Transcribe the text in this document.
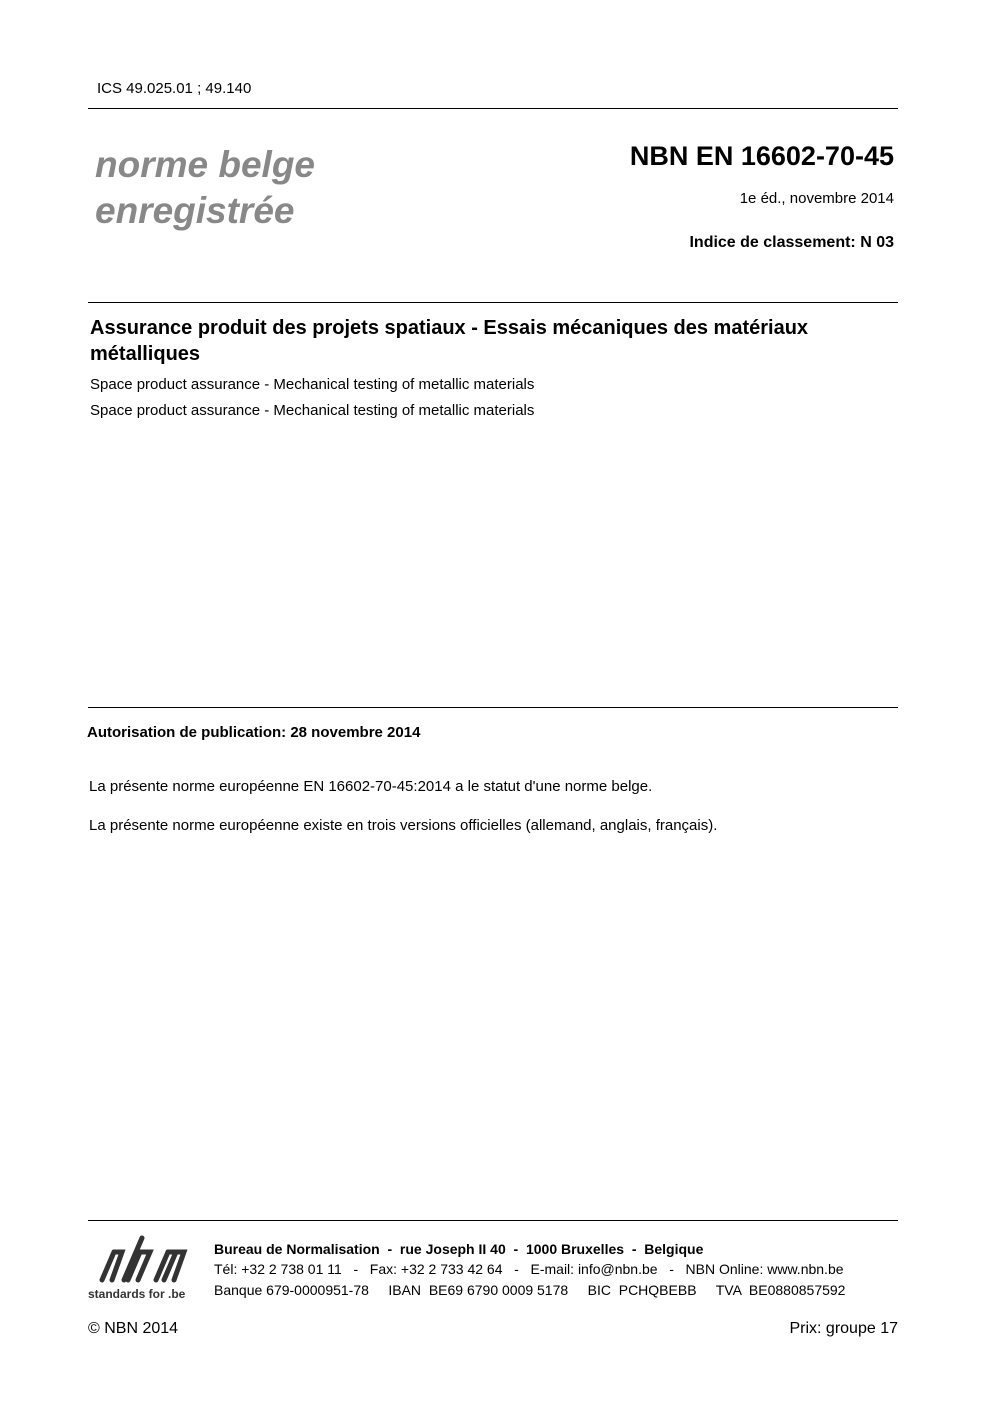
ICS 49.025.01 ; 49.140
norme belge
enregistrée
NBN EN 16602-70-45
1e éd., novembre 2014
Indice de classement: N 03
Assurance produit des projets spatiaux - Essais mécaniques des matériaux métalliques
Space product assurance - Mechanical testing of metallic materials
Space product assurance - Mechanical testing of metallic materials
Autorisation de publication: 28 novembre 2014
La présente norme européenne EN 16602-70-45:2014 a le statut d'une norme belge.
La présente norme européenne existe en trois versions officielles (allemand, anglais, français).
standards for .be
Bureau de Normalisation  -  rue Joseph II 40  -  1000 Bruxelles  -  Belgique
Tél: +32 2 738 01 11   -   Fax: +32 2 733 42 64   -   E-mail: info@nbn.be   -   NBN Online: www.nbn.be
Banque 679-0000951-78     IBAN  BE69 6790 0009 5178     BIC  PCHQBEBB     TVA  BE0880857592
© NBN 2014	Prix: groupe 17
